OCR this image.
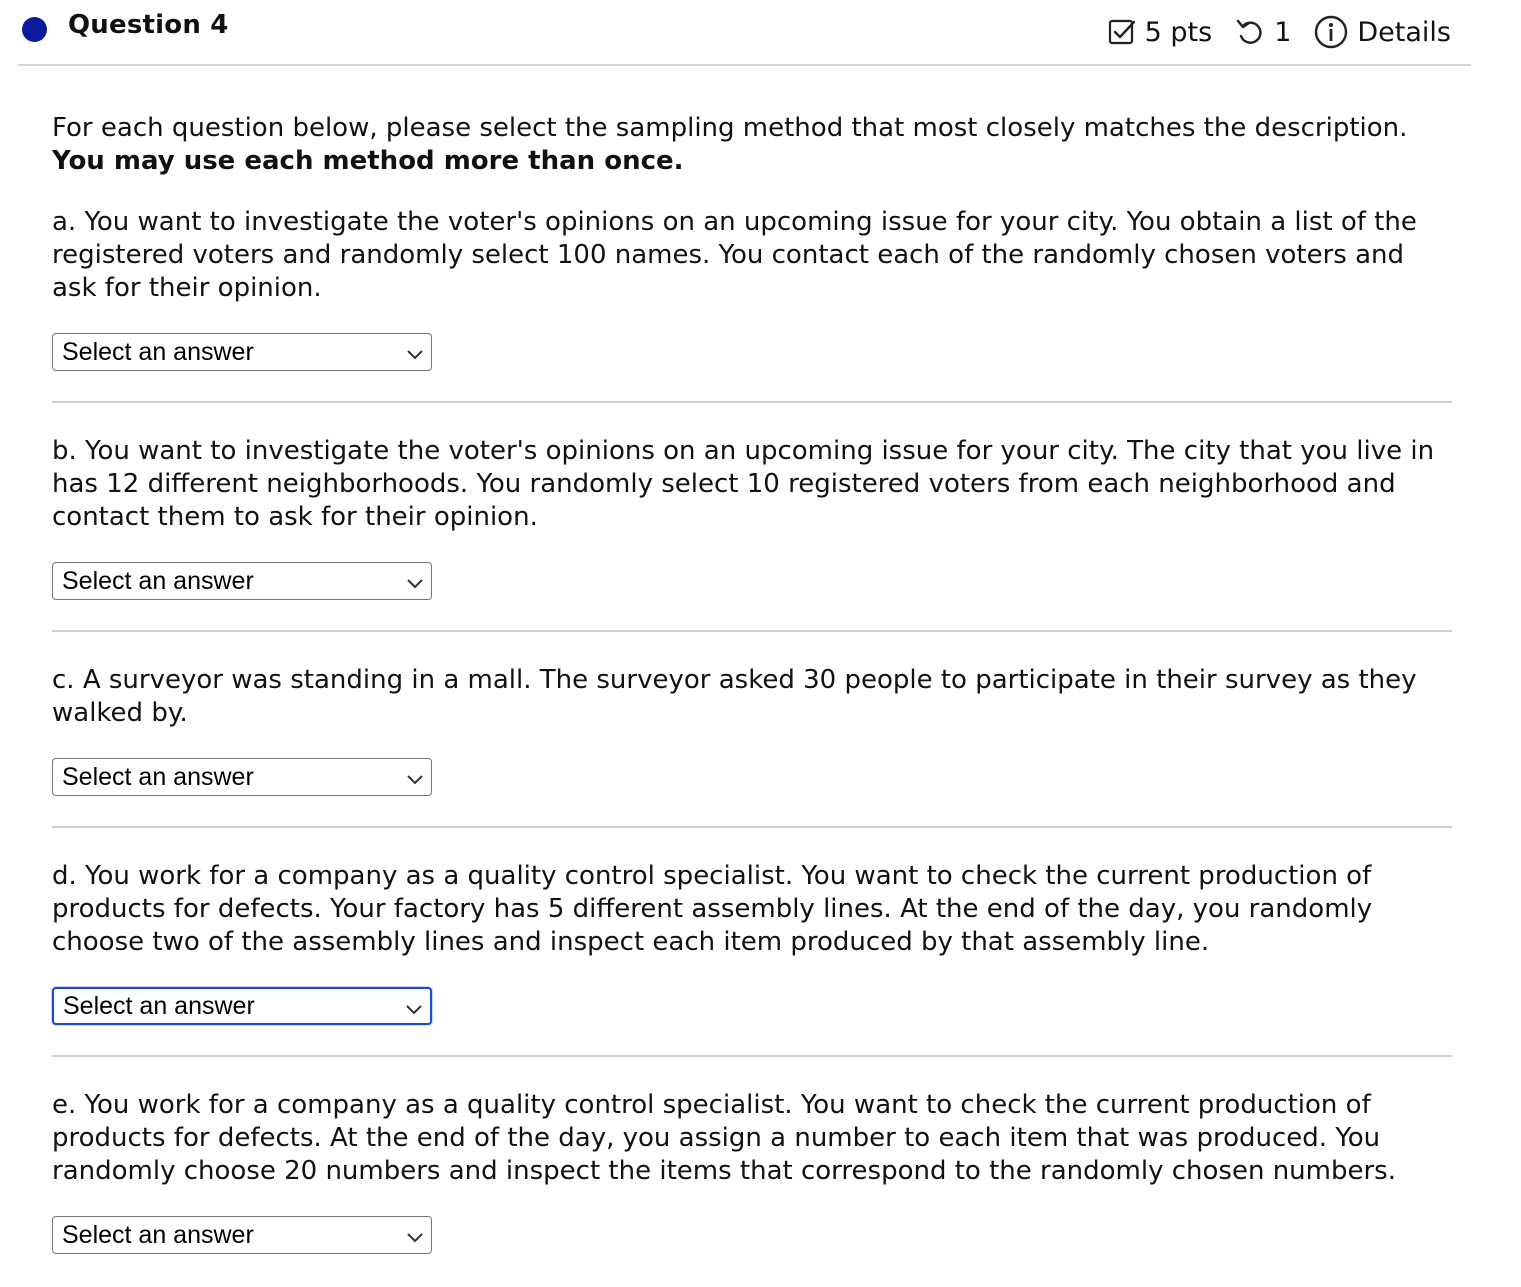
Question 4	5 pts 1 Details
For each question below, please select the sampling method that most closely matches the description.
You may use each method more than once.

a. You want to investigate the voter's opinions on an upcoming issue for your city. You obtain a list of the registered voters and randomly select 100 names. You contact each of the randomly chosen voters and ask for their opinion.

Select an answer

b. You want to investigate the voter's opinions on an upcoming issue for your city. The city that you live in has 12 different neighborhoods. You randomly select 10 registered voters from each neighborhood and contact them to ask for their opinion.

Select an answer

c. A surveyor was standing in a mall. The surveyor asked 30 people to participate in their survey as they walked by.

Select an answer

d. You work for a company as a quality control specialist. You want to check the current production of products for defects. Your factory has 5 different assembly lines. At the end of the day, you randomly choose two of the assembly lines and inspect each item produced by that assembly line.

Select an answer

e. You work for a company as a quality control specialist. You want to check the current production of products for defects. At the end of the day, you assign a number to each item that was produced. You randomly choose 20 numbers and inspect the items that correspond to the randomly chosen numbers.

Select an answer
